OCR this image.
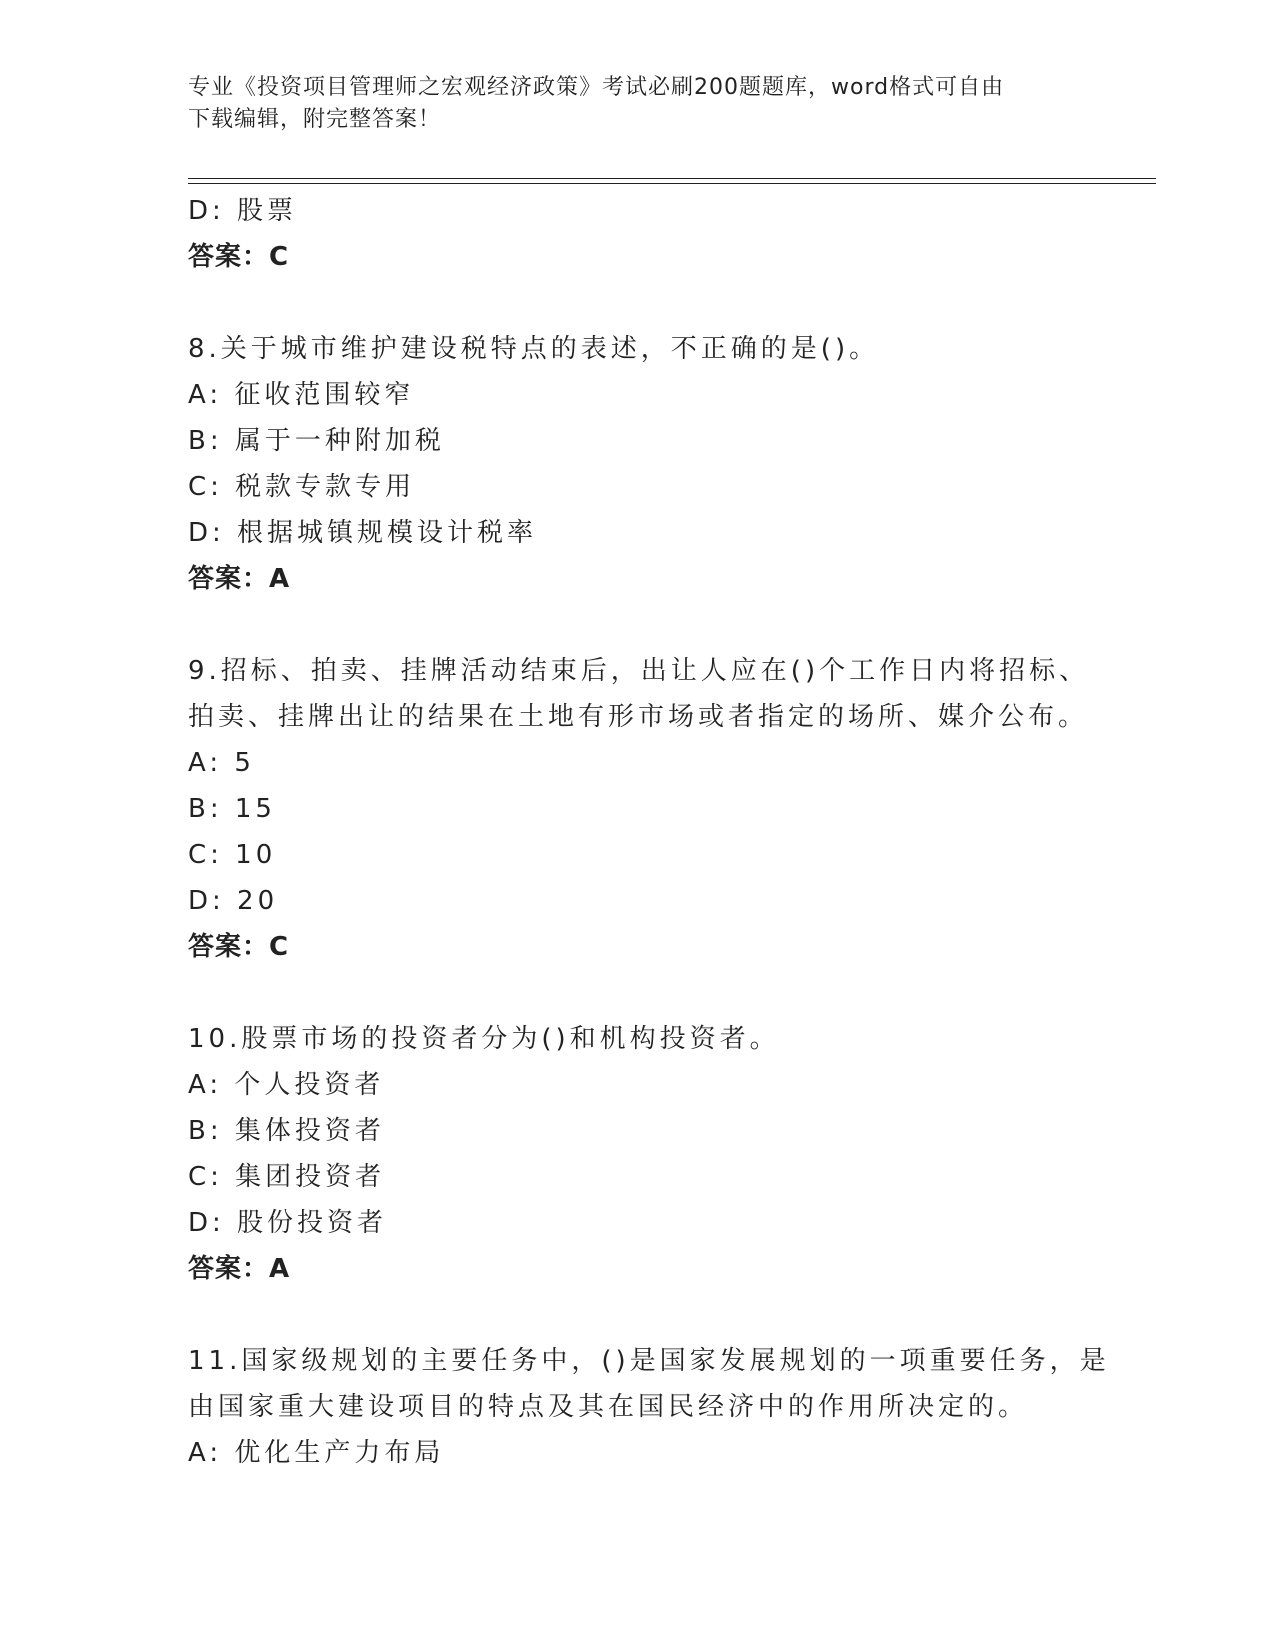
专业《投资项目管理师之宏观经济政策》考试必刷200题题库，word格式可自由
下载编辑，附完整答案！
D: 股票
答案：C
8.关于城市维护建设税特点的表述，不正确的是()。
A: 征收范围较窄
B: 属于一种附加税
C: 税款专款专用
D: 根据城镇规模设计税率
答案：A
9.招标、拍卖、挂牌活动结束后，出让人应在()个工作日内将招标、
拍卖、挂牌出让的结果在土地有形市场或者指定的场所、媒介公布。
A: 5
B: 15
C: 10
D: 20
答案：C
10.股票市场的投资者分为()和机构投资者。
A: 个人投资者
B: 集体投资者
C: 集团投资者
D: 股份投资者
答案：A
11.国家级规划的主要任务中，()是国家发展规划的一项重要任务，是
由国家重大建设项目的特点及其在国民经济中的作用所决定的。
A: 优化生产力布局
